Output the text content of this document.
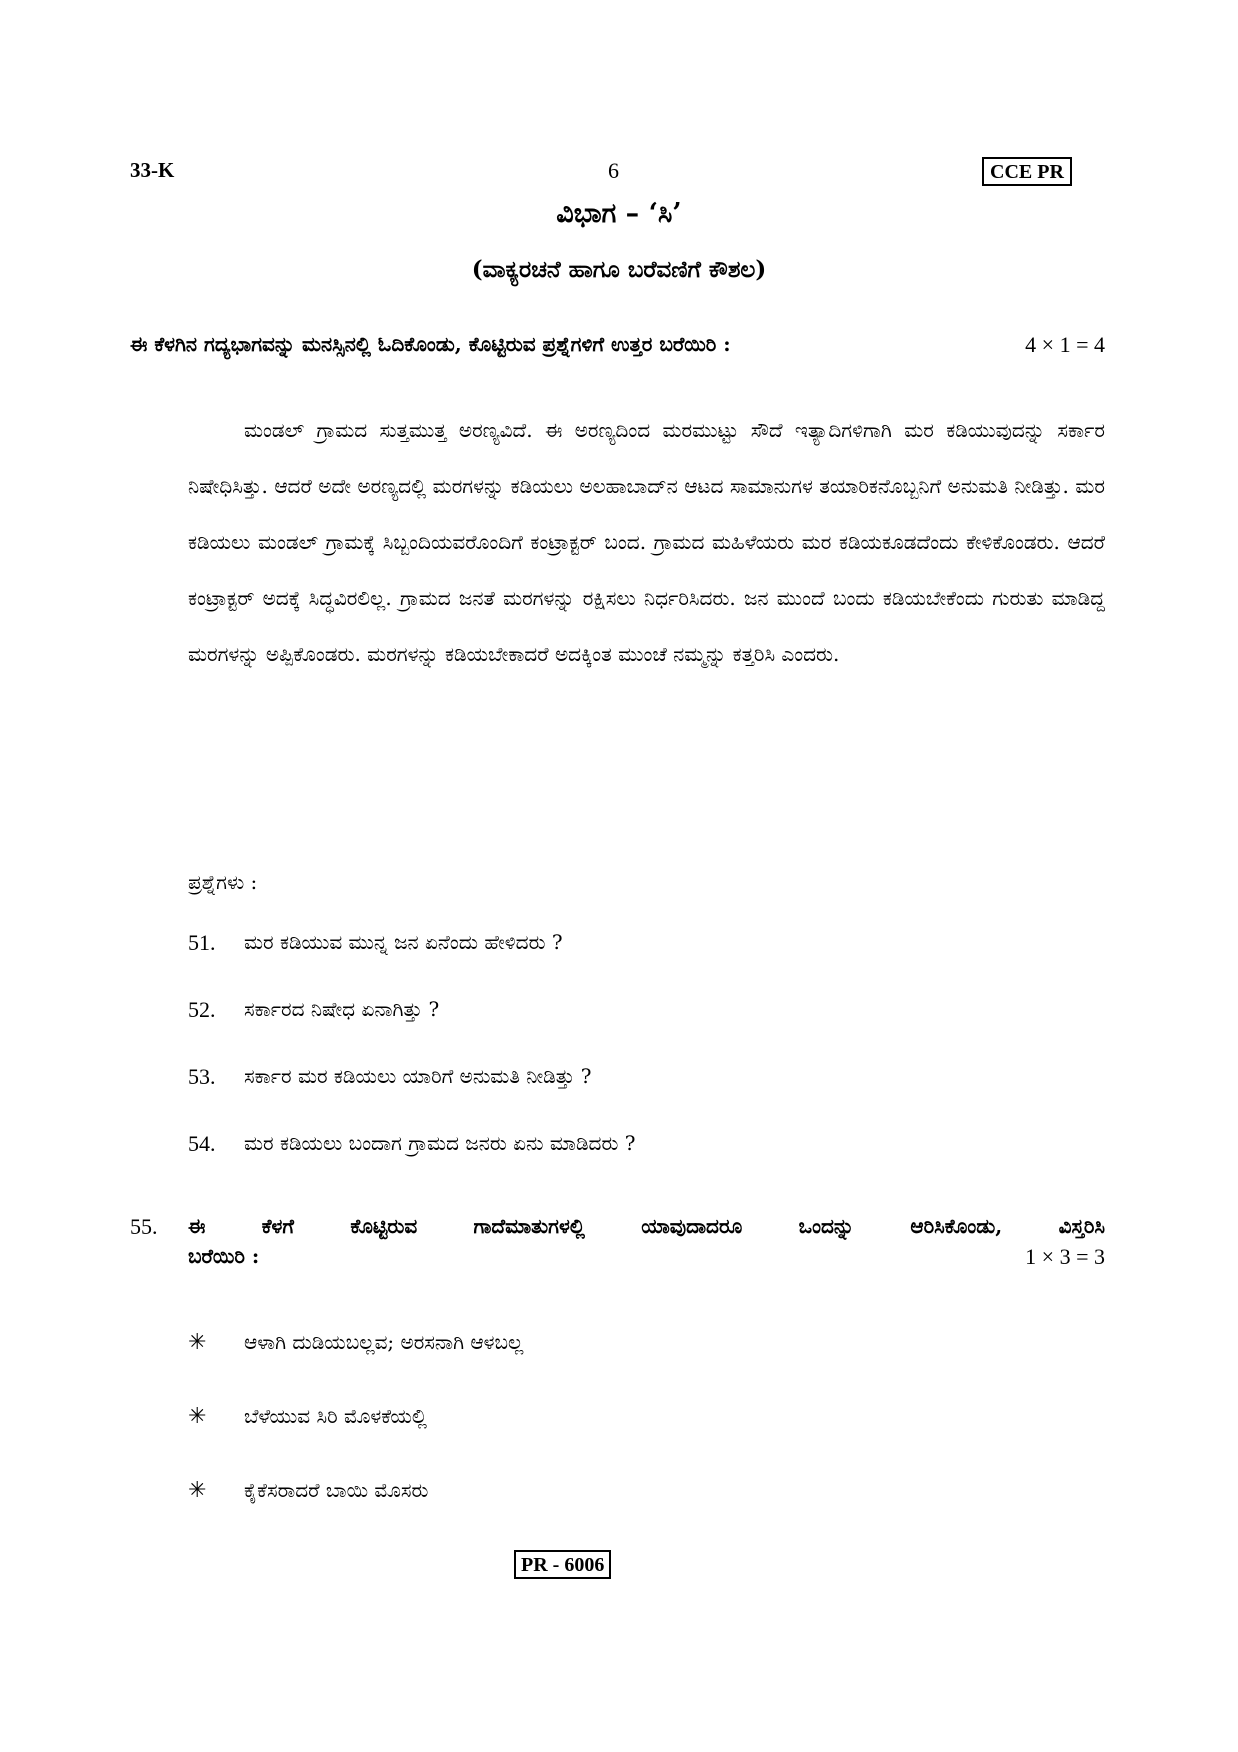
33-K	6	CCE PR
ವಿಭಾಗ – ‘ಸಿ’
(ವಾಕ್ಯರಚನೆ ಹಾಗೂ ಬರೆವಣಿಗೆ ಕೌಶಲ)
ಈ ಕೆಳಗಿನ ಗದ್ಯಭಾಗವನ್ನು ಮನಸ್ಸಿನಲ್ಲಿ ಓದಿಕೊಂಡು, ಕೊಟ್ಟಿರುವ ಪ್ರಶ್ನೆಗಳಿಗೆ ಉತ್ತರ ಬರೆಯಿರಿ :	4 × 1 = 4
ಮಂಡಲ್ ಗ್ರಾಮದ ಸುತ್ತಮುತ್ತ ಅರಣ್ಯವಿದೆ. ಈ ಅರಣ್ಯದಿಂದ ಮರಮುಟ್ಟು ಸೌದೆ ಇತ್ಯಾದಿಗಳಿಗಾಗಿ ಮರ ಕಡಿಯುವುದನ್ನು ಸರ್ಕಾರ ನಿಷೇಧಿಸಿತ್ತು. ಆದರೆ ಅದೇ ಅರಣ್ಯದಲ್ಲಿ ಮರಗಳನ್ನು ಕಡಿಯಲು ಅಲಹಾಬಾದ್‌ನ ಆಟದ ಸಾಮಾನುಗಳ ತಯಾರಿಕನೊಬ್ಬನಿಗೆ ಅನುಮತಿ ನೀಡಿತ್ತು. ಮರ ಕಡಿಯಲು ಮಂಡಲ್ ಗ್ರಾಮಕ್ಕೆ ಸಿಬ್ಬಂದಿಯವರೊಂದಿಗೆ ಕಂಟ್ರಾಕ್ಟರ್ ಬಂದ. ಗ್ರಾಮದ ಮಹಿಳೆಯರು ಮರ ಕಡಿಯಕೂಡದೆಂದು ಕೇಳಿಕೊಂಡರು. ಆದರೆ ಕಂಟ್ರಾಕ್ಟರ್ ಅದಕ್ಕೆ ಸಿದ್ಧವಿರಲಿಲ್ಲ. ಗ್ರಾಮದ ಜನತೆ ಮರಗಳನ್ನು ರಕ್ಷಿಸಲು ನಿರ್ಧರಿಸಿದರು. ಜನ ಮುಂದೆ ಬಂದು ಕಡಿಯಬೇಕೆಂದು ಗುರುತು ಮಾಡಿದ್ದ ಮರಗಳನ್ನು ಅಪ್ಪಿಕೊಂಡರು. ಮರಗಳನ್ನು ಕಡಿಯಬೇಕಾದರೆ ಅದಕ್ಕಿಂತ ಮುಂಚೆ ನಮ್ಮನ್ನು ಕತ್ತರಿಸಿ ಎಂದರು.
ಪ್ರಶ್ನೆಗಳು :
51.	ಮರ ಕಡಿಯುವ ಮುನ್ನ ಜನ ಏನೆಂದು ಹೇಳಿದರು ?
52.	ಸರ್ಕಾರದ ನಿಷೇಧ ಏನಾಗಿತ್ತು ?
53.	ಸರ್ಕಾರ ಮರ ಕಡಿಯಲು ಯಾರಿಗೆ ಅನುಮತಿ ನೀಡಿತ್ತು ?
54.	ಮರ ಕಡಿಯಲು ಬಂದಾಗ ಗ್ರಾಮದ ಜನರು ಏನು ಮಾಡಿದರು ?
55.	ಈ ಕೆಳಗೆ ಕೊಟ್ಟಿರುವ ಗಾದೆಮಾತುಗಳಲ್ಲಿ ಯಾವುದಾದರೂ ಒಂದನ್ನು ಆರಿಸಿಕೊಂಡು, ವಿಸ್ತರಿಸಿ
ಬರೆಯಿರಿ :	1 × 3 = 3
✳	ಆಳಾಗಿ ದುಡಿಯಬಲ್ಲವ; ಅರಸನಾಗಿ ಆಳಬಲ್ಲ
✳	ಬೆಳೆಯುವ ಸಿರಿ ಮೊಳಕೆಯಲ್ಲಿ
✳	ಕೈಕೆಸರಾದರೆ ಬಾಯಿ ಮೊಸರು
PR - 6006
